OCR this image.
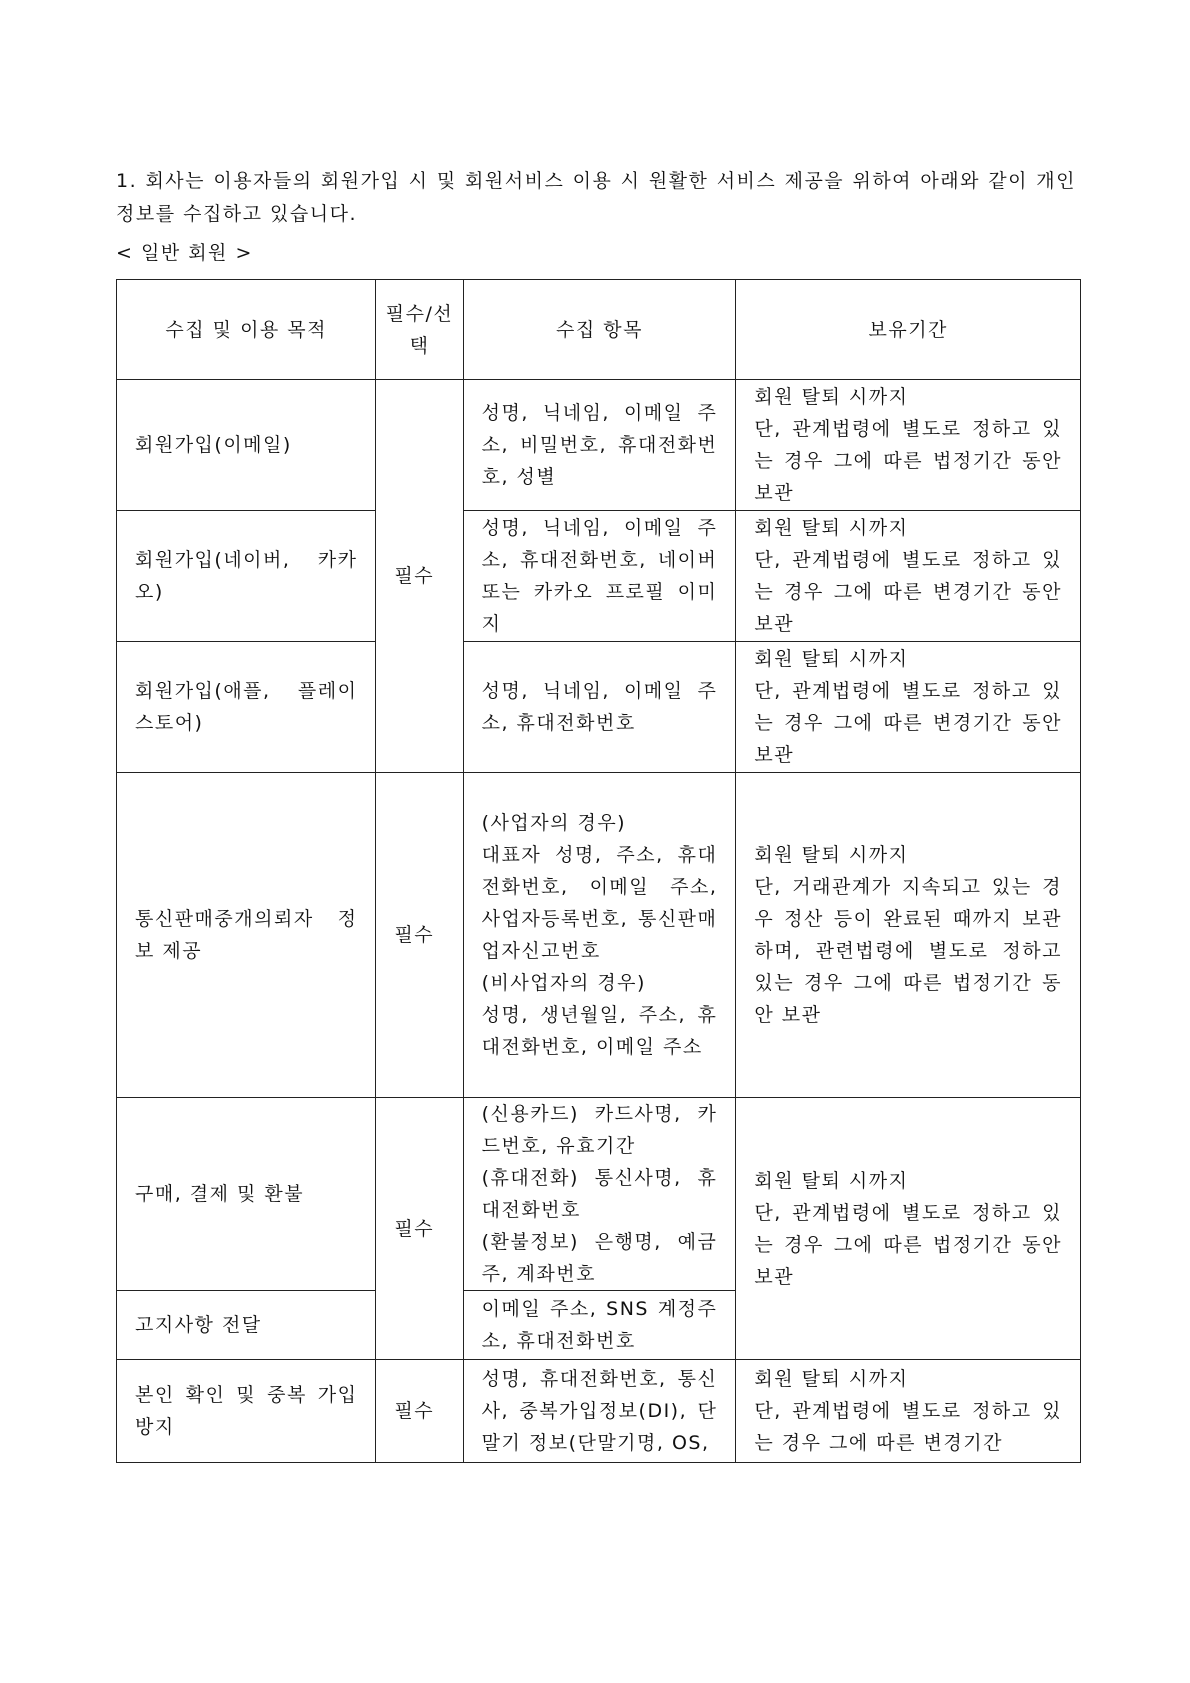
1. 회사는 이용자들의 회원가입 시 및 회원서비스 이용 시 원활한 서비스 제공을 위하여 아래와 같이 개인정보를 수집하고 있습니다.

< 일반 회원 >
수집 및 이용 목적	필수/선택	수집 항목	보유기간
회원가입(이메일)	필수	성명, 닉네임, 이메일 주소, 비밀번호, 휴대전화번호, 성별	회원 탈퇴 시까지
단, 관계법령에 별도로 정하고 있는 경우 그에 따른 법정기간 동안 보관

회원가입(네이버, 카카오)		성명, 닉네임, 이메일 주소, 휴대전화번호, 네이버 또는 카카오 프로필 이미지	회원 탈퇴 시까지
단, 관계법령에 별도로 정하고 있는 경우 그에 따른 변경기간 동안 보관

회원가입(애플, 플레이스토어)		성명, 닉네임, 이메일 주소, 휴대전화번호	회원 탈퇴 시까지
단, 관계법령에 별도로 정하고 있는 경우 그에 따른 변경기간 동안 보관

통신판매중개의뢰자 정보 제공	필수	(사업자의 경우)
대표자 성명, 주소, 휴대전화번호, 이메일 주소, 사업자등록번호, 통신판매업자신고번호
(비사업자의 경우)
성명, 생년월일, 주소, 휴대전화번호, 이메일 주소	회원 탈퇴 시까지
단, 거래관계가 지속되고 있는 경우 정산 등이 완료된 때까지 보관하며, 관련법령에 별도로 정하고 있는 경우 그에 따른 법정기간 동안 보관

구매, 결제 및 환불	필수	(신용카드) 카드사명, 카드번호, 유효기간
(휴대전화) 통신사명, 휴대전화번호
(환불정보) 은행명, 예금주, 계좌번호	회원 탈퇴 시까지
단, 관계법령에 별도로 정하고 있는 경우 그에 따른 법정기간 동안 보관

고지사항 전달		이메일 주소, SNS 계정주소, 휴대전화번호	
본인 확인 및 중복 가입 방지	필수	성명, 휴대전화번호, 통신사, 중복가입정보(DI), 단말기 정보(단말기명, OS,	회원 탈퇴 시까지
단, 관계법령에 별도로 정하고 있는 경우 그에 따른 변경기간
